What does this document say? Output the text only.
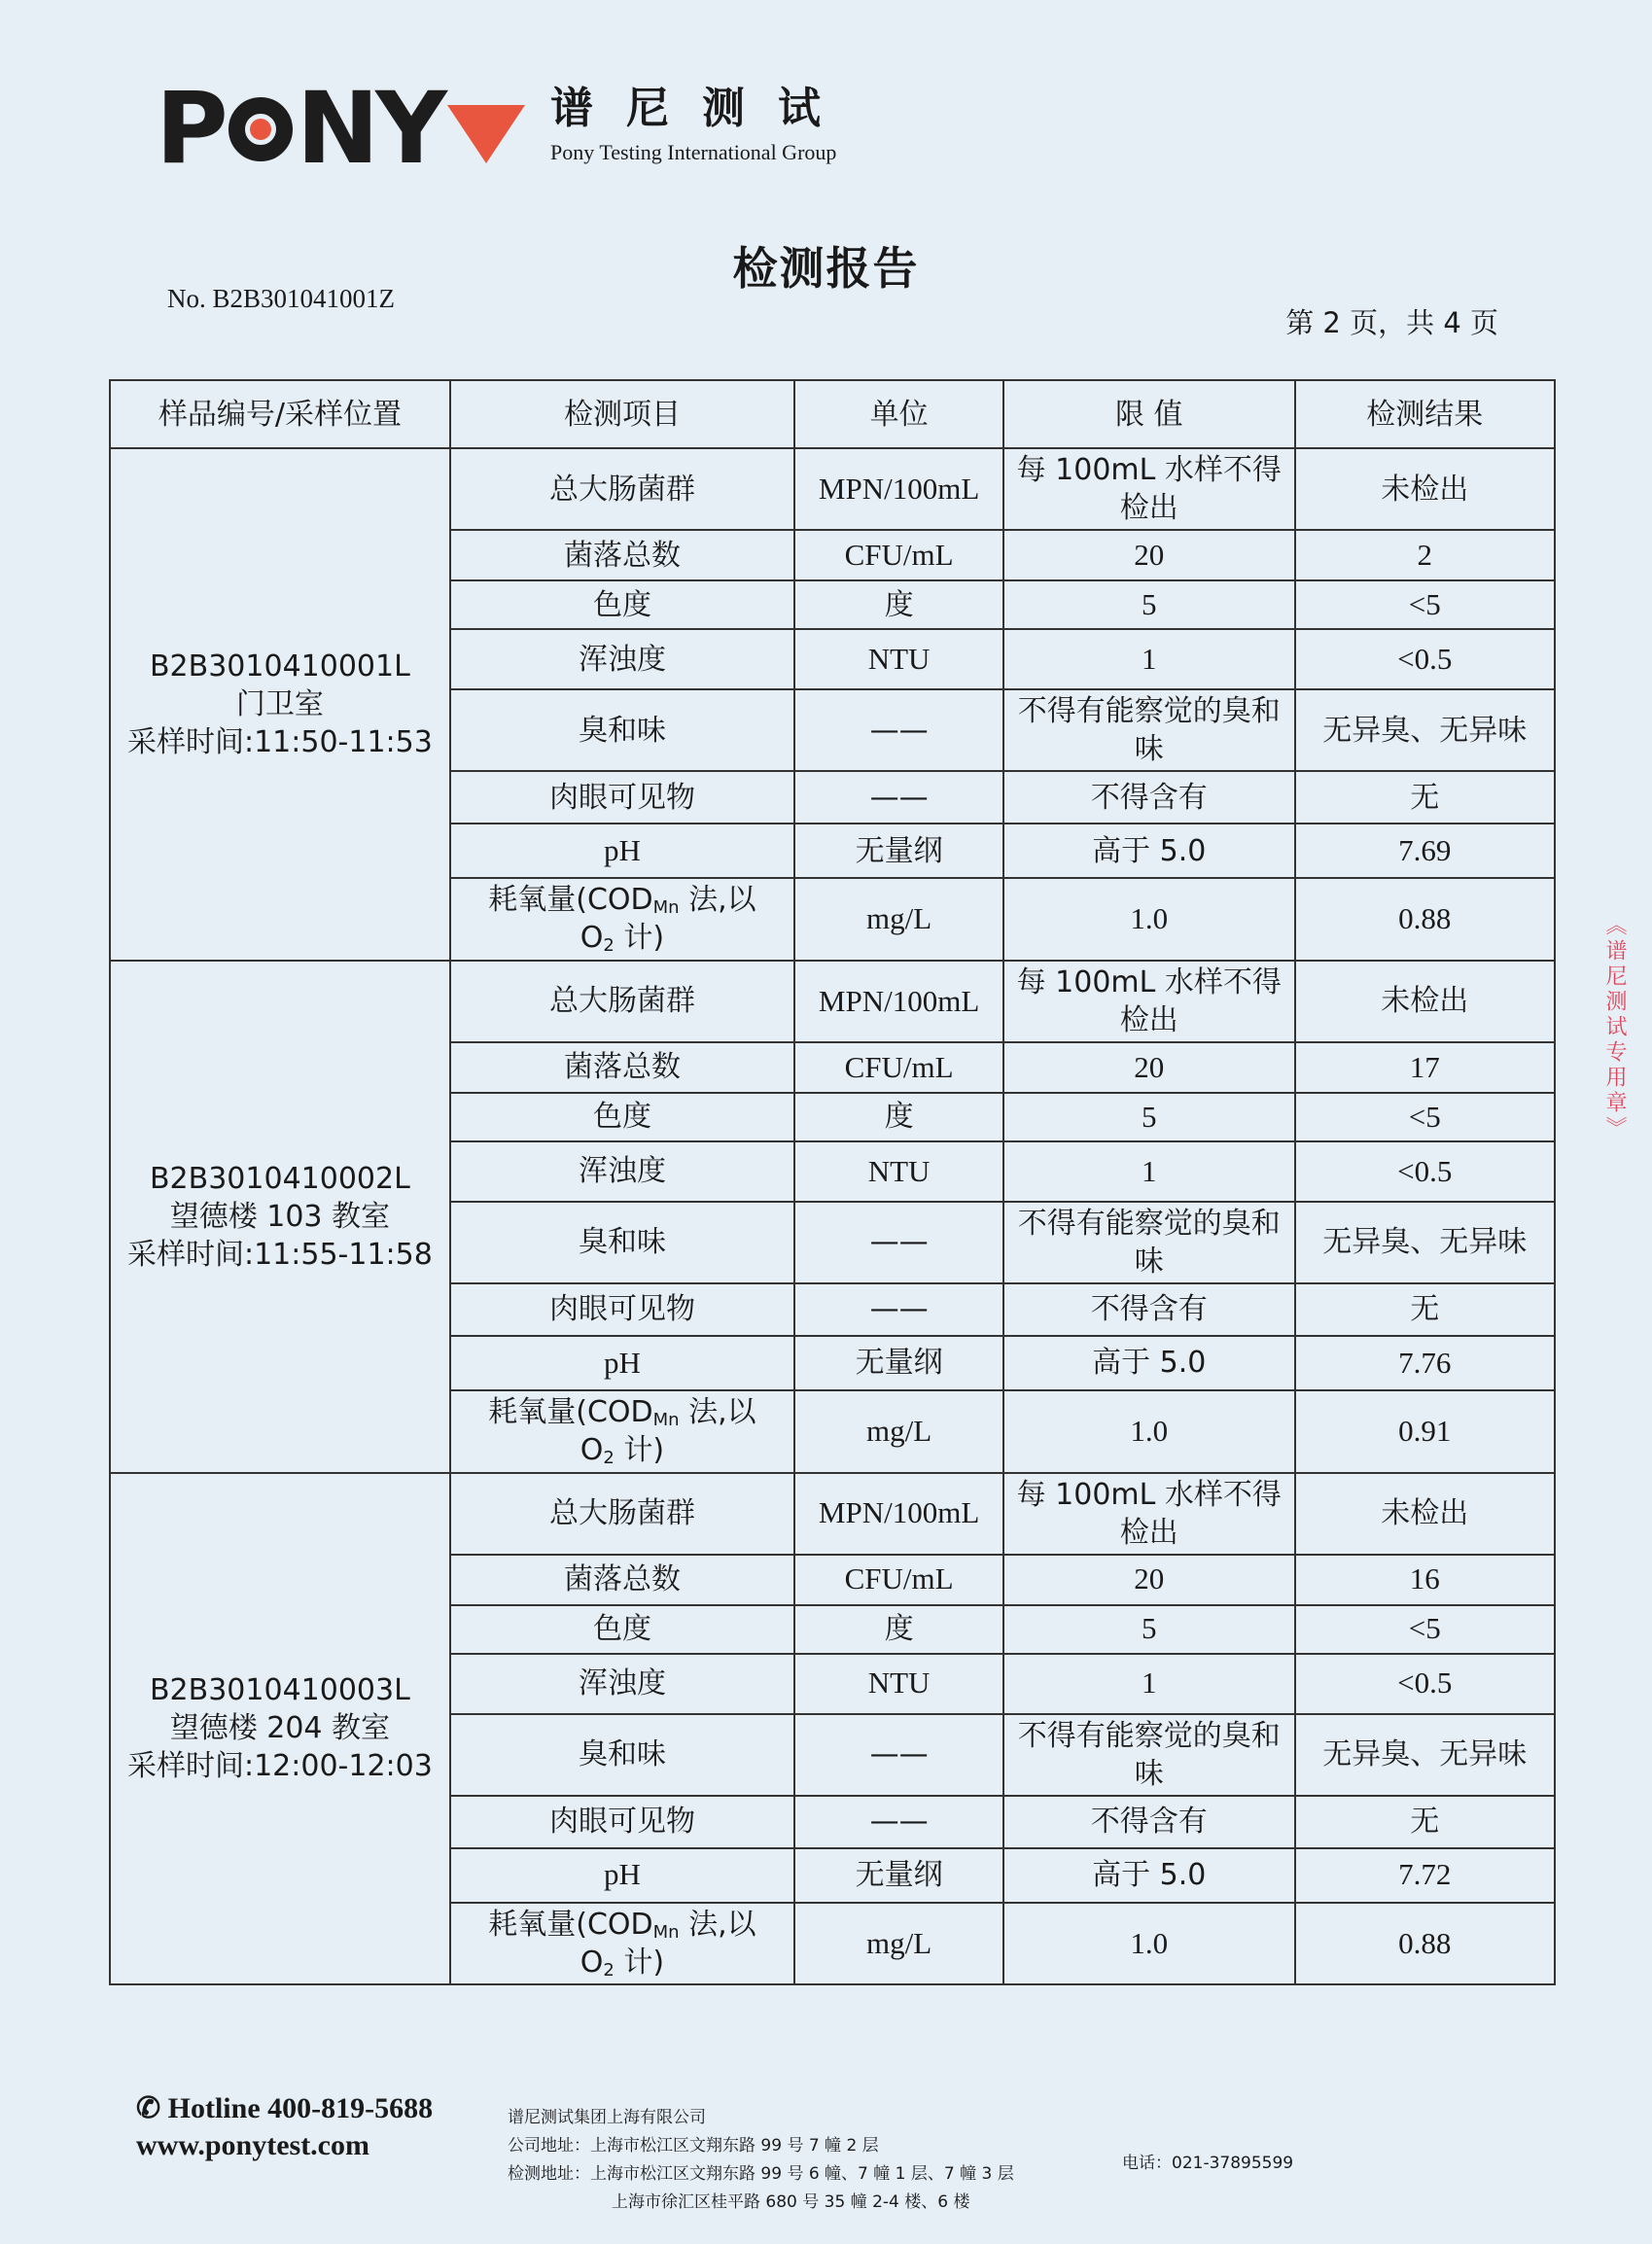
P NY	谱尼测试
Pony Testing International Group
检测报告
No. B2B301041001Z
第 2 页，共 4 页
样品编号/采样位置	检测项目	单位	限 值	检测结果

B2B3010410001L
门卫室
采样时间:11:50-11:53	总大肠菌群	MPN/100mL	每 100mL 水样不得检出	未检出
	菌落总数	CFU/mL	20	2
	色度	度	5	<5
	浑浊度	NTU	1	<0.5
	臭和味	——	不得有能察觉的臭和味	无异臭、无异味
	肉眼可见物	——	不得含有	无
	pH	无量纲	高于 5.0	7.69
	耗氧量($COD_{Mn}$ 法,以
$O_2$ 计)	mg/L	1.0	0.88

B2B3010410002L
望德楼 103 教室
采样时间:11:55-11:58	总大肠菌群	MPN/100mL	每 100mL 水样不得检出	未检出
	菌落总数	CFU/mL	20	17
	色度	度	5	<5
	浑浊度	NTU	1	<0.5
	臭和味	——	不得有能察觉的臭和味	无异臭、无异味
	肉眼可见物	——	不得含有	无
	pH	无量纲	高于 5.0	7.76
	耗氧量($COD_{Mn}$ 法,以
$O_2$ 计)	mg/L	1.0	0.91

B2B3010410003L
望德楼 204 教室
采样时间:12:00-12:03	总大肠菌群	MPN/100mL	每 100mL 水样不得检出	未检出
	菌落总数	CFU/mL	20	16
	色度	度	5	<5
	浑浊度	NTU	1	<0.5
	臭和味	——	不得有能察觉的臭和味	无异臭、无异味
	肉眼可见物	——	不得含有	无
	pH	无量纲	高于 5.0	7.72
	耗氧量($COD_{Mn}$ 法,以
$O_2$ 计)	mg/L	1.0	0.88
✆ Hotline 400-819-5688
www.ponytest.com
谱尼测试集团上海有限公司
公司地址：上海市松江区文翔东路 99 号 7 幢 2 层
检测地址：上海市松江区文翔东路 99 号 6 幢、7 幢 1 层、7 幢 3 层
上海市徐汇区桂平路 680 号 35 幢 2-4 楼、6 楼
电话：021-37895599
《谱尼测试专用章》
